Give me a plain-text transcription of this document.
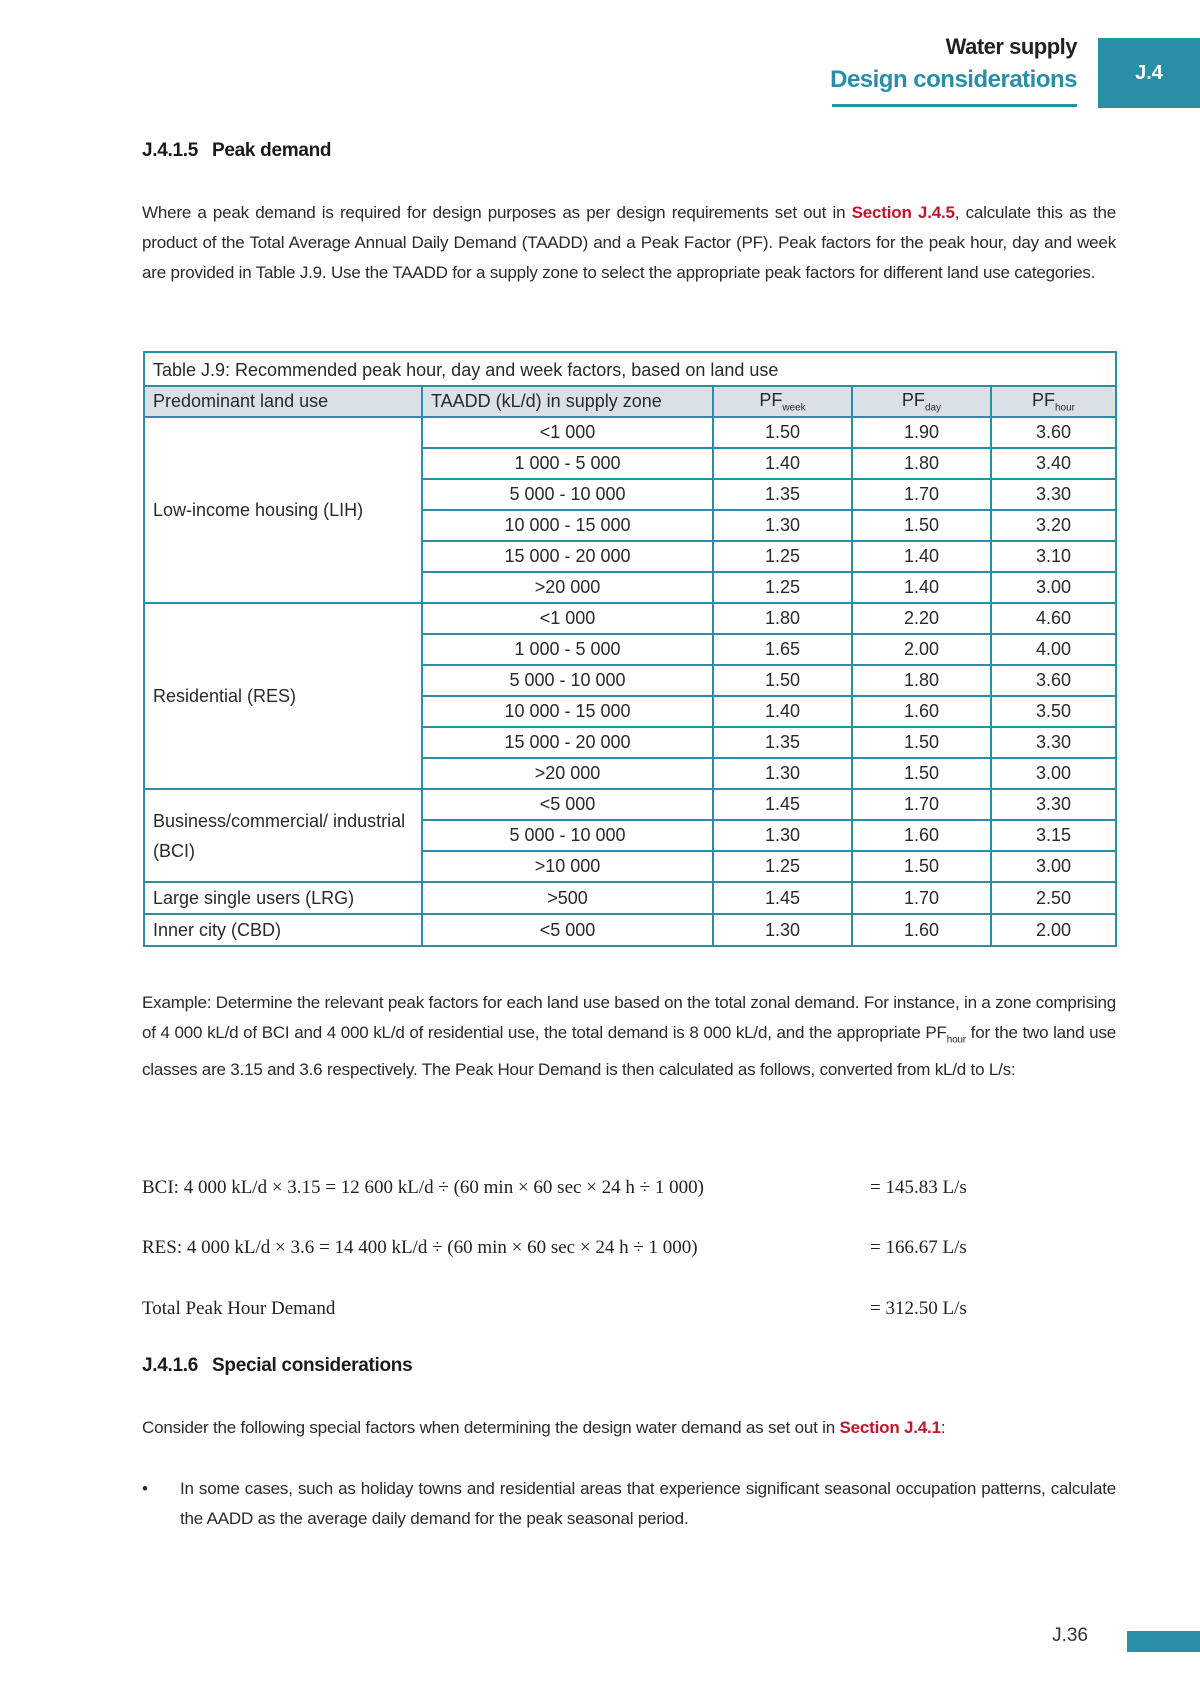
Water supply
Design considerations	J.4
J.4.1.5 Peak demand
Where a peak demand is required for design purposes as per design requirements set out in Section J.4.5, calculate this as the product of the Total Average Annual Daily Demand (TAADD) and a Peak Factor (PF). Peak factors for the peak hour, day and week are provided in Table J.9. Use the TAADD for a supply zone to select the appropriate peak factors for different land use categories.
Table J.9: Recommended peak hour, day and week factors, based on land use				
Predominant land use	TAADD (kL/d) in supply zone	$PF_{week}$	$PF_{day}$	$PF_{hour}$
Low-income housing (LIH)	<1 000	1.50	1.90	3.60
	1 000 - 5 000	1.40	1.80	3.40
	5 000 - 10 000	1.35	1.70	3.30
	10 000 - 15 000	1.30	1.50	3.20
	15 000 - 20 000	1.25	1.40	3.10
	>20 000	1.25	1.40	3.00
Residential (RES)	<1 000	1.80	2.20	4.60
	1 000 - 5 000	1.65	2.00	4.00
	5 000 - 10 000	1.50	1.80	3.60
	10 000 - 15 000	1.40	1.60	3.50
	15 000 - 20 000	1.35	1.50	3.30
	>20 000	1.30	1.50	3.00
Business/commercial/ industrial (BCI)	<5 000	1.45	1.70	3.30
	5 000 - 10 000	1.30	1.60	3.15
	>10 000	1.25	1.50	3.00
Large single users (LRG)	>500	1.45	1.70	2.50
Inner city (CBD)	<5 000	1.30	1.60	2.00
Example: Determine the relevant peak factors for each land use based on the total zonal demand. For instance, in a zone comprising of 4 000 kL/d of BCI and 4 000 kL/d of residential use, the total demand is 8 000 kL/d, and the appropriate $PF_{hour}$ for the two land use classes are 3.15 and 3.6 respectively. The Peak Hour Demand is then calculated as follows, converted from kL/d to L/s:
BCI: 4 000 kL/d × 3.15 = 12 600 kL/d ÷ (60 min × 60 sec × 24 h ÷ 1 000)	= 145.83 L/s
RES: 4 000 kL/d × 3.6 = 14 400 kL/d ÷ (60 min × 60 sec × 24 h ÷ 1 000)	= 166.67 L/s
Total Peak Hour Demand	= 312.50 L/s
J.4.1.6 Special considerations
Consider the following special factors when determining the design water demand as set out in Section J.4.1:
• In some cases, such as holiday towns and residential areas that experience significant seasonal occupation patterns, calculate the AADD as the average daily demand for the peak seasonal period.
J.36
